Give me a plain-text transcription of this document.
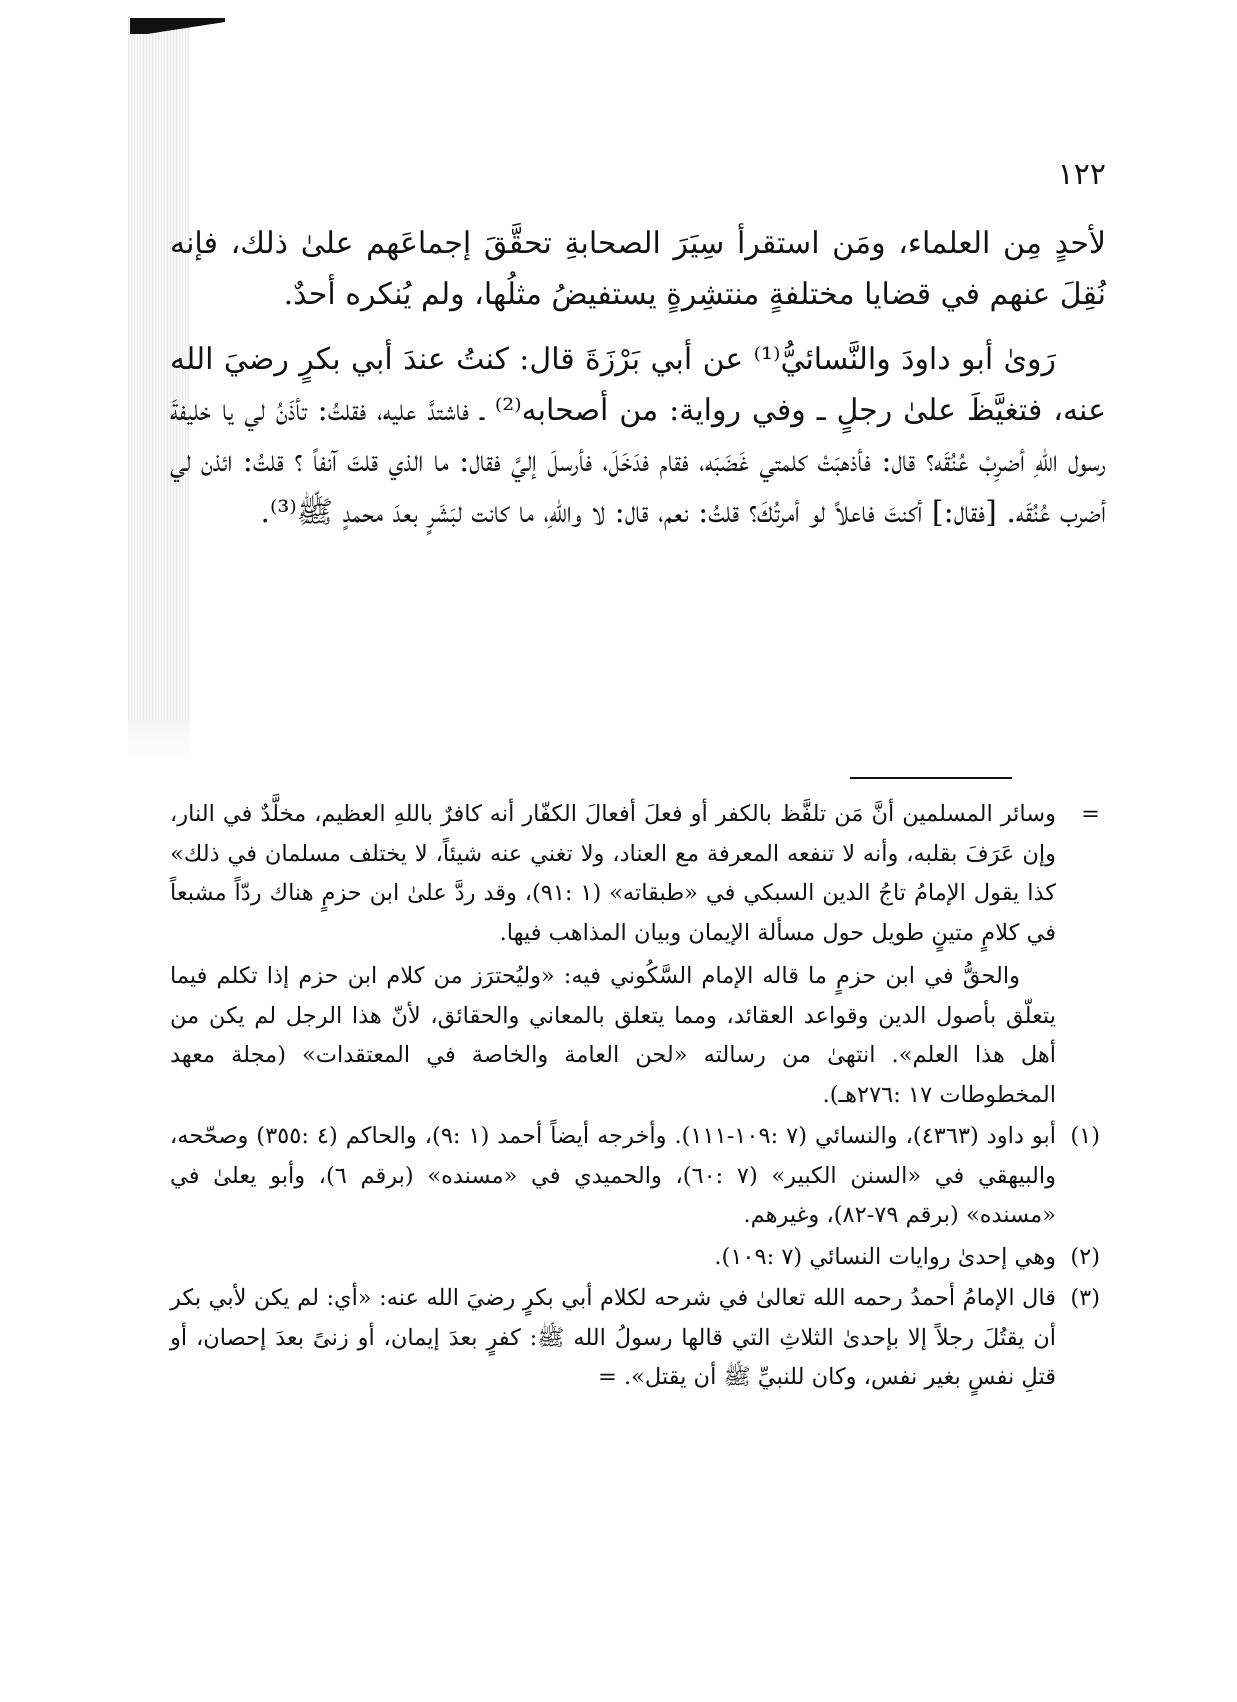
١٢٢

لأحدٍ مِن العلماء، ومَن استقرأ سِيَرَ الصحابةِ تحقَّقَ إجماعَهم علىٰ ذلك، فإنه نُقِلَ عنهم في قضايا مختلفةٍ منتشِرةٍ يستفيضُ مثلُها، ولم يُنكره أحدٌ.

رَوىٰ أبو داودَ والنَّسائيُّ⁽¹⁾ عن أبي بَرْزَةَ قال: كنتُ عندَ أبي بكرٍ رضيَ الله عنه، فتغيَّظَ علىٰ رجلٍ ـ وفي رواية: من أصحابه⁽²⁾ ـ فاشتدَّ عليه، فقلتُ: تأذَنُ لي يا خليفةَ رسول اللهِ أضرِبْ عُنُقَه؟ قال: فأذهبَتْ كلمتي غَضَبَه، فقام فدَخَلَ، فأرسلَ إليَّ فقال: ما الذي قلتَ آنفاً ؟ قلتُ: ائذن لي أضرب عُنُقَه. [فقال:] أكنتَ فاعلاً لو أمرتُكَ؟ قلتُ: نعم، قال: لا واللهِ، ما كانت لبَشَرٍ بعدَ محمدٍ ﷺ⁽³⁾.

=
وسائر المسلمين أنَّ مَن تلفَّظ بالكفر أو فعلَ أفعالَ الكفّار أنه كافرٌ باللهِ العظيم، مخلَّدٌ في النار، وإن عَرَفَ بقلبه، وأنه لا تنفعه المعرفة مع العناد، ولا تغني عنه شيئاً، لا يختلف مسلمان في ذلك» كذا يقول الإمامُ تاجُ الدين السبكي في «طبقاته» (١ :٩١)، وقد ردَّ علىٰ ابن حزمٍ هناك ردّاً مشبعاً في كلامٍ متينٍ طويل حول مسألة الإيمان وبيان المذاهب فيها.

والحقُّ في ابن حزمٍ ما قاله الإمام السَّكُوني فيه: «وليُحترَز من كلام ابن حزم إذا تكلم فيما يتعلّق بأصول الدين وقواعد العقائد، ومما يتعلق بالمعاني والحقائق، لأنّ هذا الرجل لم يكن من أهل هذا العلم». انتهىٰ من رسالته «لحن العامة والخاصة في المعتقدات» (مجلة معهد المخطوطات ١٧ :٢٧٦هـ).

(١)
أبو داود (٤٣٦٣)، والنسائي (٧ :١٠٩-١١١). وأخرجه أيضاً أحمد (١ :٩)، والحاكم (٤ :٣٥٥) وصحّحه، والبيهقي في «السنن الكبير» (٧ :٦٠)، والحميدي في «مسنده» (برقم ٦)، وأبو يعلىٰ في «مسنده» (برقم ٧٩-٨٢)، وغيرهم.

(٢)
وهي إحدىٰ روايات النسائي (٧ :١٠٩).

(٣)
قال الإمامُ أحمدُ رحمه الله تعالىٰ في شرحه لكلام أبي بكرٍ رضيَ الله عنه: «أي: لم يكن لأبي بكر أن يقتُلَ رجلاً إلا بإحدىٰ الثلاثِ التي قالها رسولُ الله ﷺ: كفرٍ بعدَ إيمان، أو زنىً بعدَ إحصان، أو قتلِ نفسٍ بغير نفس، وكان للنبيِّ ﷺ أن يقتل». =
